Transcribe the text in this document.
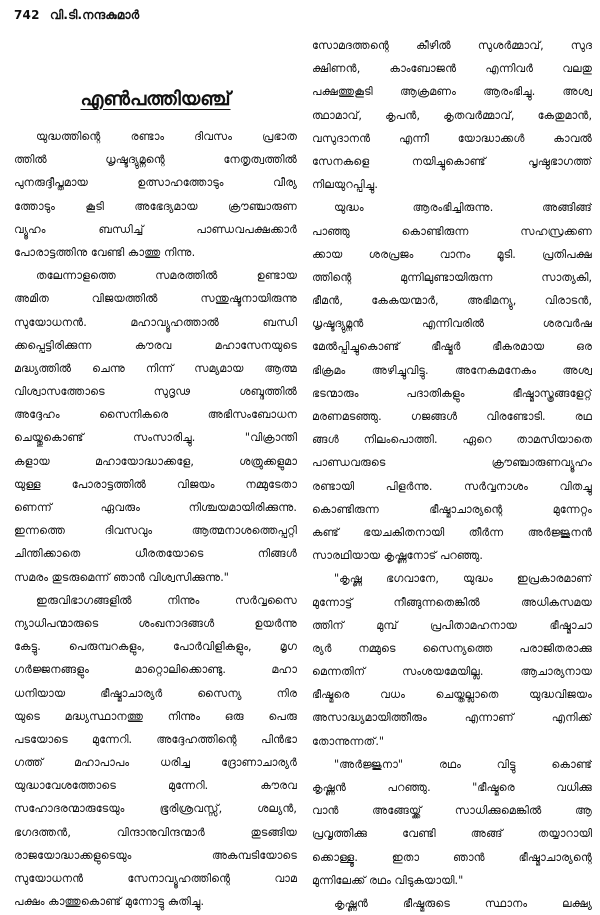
742 വി.ടി.നന്ദകുമാർ
എൺപത്തിയഞ്ച്
യുദ്ധത്തിന്റെ രണ്ടാം ദിവസം പ്രഭാത
ത്തിൽ ധൃഷ്ടദ്യുമ്നന്റെ നേതൃത്വത്തിൽ
പുനരുദ്ദീപ്തമായ ഉത്സാഹത്തോടും വീര്യ
ത്തോടും കൂടി അഭേദ്യമായ ക്രൗഞ്ചാരുണ
വ്യൂഹം ബന്ധിച്ച് പാണ്ഡവപക്ഷക്കാർ
പോരാട്ടത്തിനു വേണ്ടി കാത്തു നിന്നു.
തലേന്നാളത്തെ സമരത്തിൽ ഉണ്ടായ
അമിത വിജയത്തിൽ സന്തുഷ്ടനായിരുന്നു
സുയോധനൻ. മഹാവ്യൂഹത്താൽ ബന്ധി
ക്കപ്പെട്ടിരിക്കുന്ന കൗരവ മഹാസേനയുടെ
മദ്ധ്യത്തിൽ ചെന്നു നിന്ന് സമ്യമായ ആത്മ
വിശ്വാസത്തോടെ സുദൃഢ ശബ്ദത്തിൽ
അദ്ദേഹം സൈനികരെ അഭിസംബോധന
ചെയ്തുകൊണ്ട് സംസാരിച്ചു. "വിക്രാന്തി
കളായ മഹായോദ്ധാക്കളേ, ശത്രുക്കളുമാ
യുള്ള പോരാട്ടത്തിൽ വിജയം നമ്മുടേതാ
ണെന്ന് ഏവരും നിശ്ചയമായിരിക്കുന്നു.
ഇന്നത്തെ ദിവസവും ആത്മനാശത്തെപ്പറ്റി
ചിന്തിക്കാതെ ധീരതയോടെ നിങ്ങൾ
സമരം തുടരുമെന്ന് ഞാൻ വിശ്വസിക്കുന്നു."
ഇരുവിഭാഗങ്ങളിൽ നിന്നും സർവ്വസൈ
ന്യാധിപന്മാരുടെ ശംഖനാദങ്ങൾ ഉയർന്നു
കേട്ടു. പെരുമ്പറകളും, പോർവിളികളും, മൃഗ
ഗർജ്ജനങ്ങളും മാറ്റൊലിക്കൊണ്ടു. മഹാ
ധനിയായ ഭീഷ്മാചാര്യർ സൈന്യ നിര
യുടെ മദ്ധ്യസ്ഥാനത്തു നിന്നും ഒരു പെരു
പടയോടെ മുന്നേറി. അദ്ദേഹത്തിന്റെ പിൻഭാ
ഗത്ത് മഹാപാപം ധരിച്ച ദ്രോണാചാര്യർ
യുദ്ധാവേശത്തോടെ മുന്നേറി. കൗരവ
സഹോദരന്മാരുടേയും ഭൂരിശ്രവസ്സ്, ശല്യൻ,
ഭഗദത്തൻ, വിന്ദാനുവിന്ദന്മാർ തുടങ്ങിയ
രാജയോദ്ധാക്കളുടെയും അകമ്പടിയോടെ
സുയോധനൻ സേനാവ്യൂഹത്തിന്റെ വാമ
പക്ഷം കാത്തുകൊണ്ട് മുന്നോട്ടു കുതിച്ചു.
സോമദത്തന്റെ കീഴിൽ സുശർമ്മാവ്, സുദ
ക്ഷിണൻ, കാംബോജൻ എന്നിവർ വലതു
പക്ഷത്തുകൂടി ആക്രമണം ആരംഭിച്ചു. അശ്വ
ത്ഥാമാവ്, കൃപൻ, കൃതവർമ്മാവ്, കേതുമാൻ,
വസുദാനൻ എന്നീ യോദ്ധാക്കൾ കാവൽ
സേനകളെ നയിച്ചുകൊണ്ട് പൃഷ്ഠഭാഗത്ത്
നിലയുറപ്പിച്ചു.
യുദ്ധം ആരംഭിച്ചിരുന്നു. അങ്ങിങ്ങ്
പാഞ്ഞു കൊണ്ടിരുന്ന സഹസ്രക്കണ
ക്കായ ശരപ്രജം വാനം മൂടി. പ്രതിപക്ഷ
ത്തിന്റെ മുന്നിലുണ്ടായിരുന്ന സാത്യകി,
ഭീമൻ, കേകയന്മാർ, അഭിമന്യു, വിരാടൻ,
ധൃഷ്ടദ്യുമ്നൻ എന്നിവരിൽ ശരവർഷ
മേൽപ്പിച്ചുകൊണ്ട് ഭീഷ്മർ ഭീകരമായ ഒര
ഭിക്രമം അഴിച്ചുവിട്ടു. അനേകമനേകം അശ്വ
ഭടന്മാരും പദാതികളും ഭീഷ്മാസ്ത്രങ്ങളേറ്റ്
മരണമടഞ്ഞു. ഗജങ്ങൾ വിരണ്ടോടി. രഥ
ങ്ങൾ നിലംപൊത്തി. ഏറെ താമസിയാതെ
പാണ്ഡവരുടെ ക്രൗഞ്ചാരുണവ്യൂഹം
രണ്ടായി പിളർന്നു. സർവ്വനാശം വിതച്ചു
കൊണ്ടിരുന്ന ഭീഷ്മാചാര്യന്റെ മുന്നേറ്റം
കണ്ട് ഭയചകിതനായി തീർന്ന അർജ്ജുനൻ
സാരഥിയായ കൃഷ്ണനോട് പറഞ്ഞു.
"കൃഷ്ണ ഭഗവാനേ, യുദ്ധം ഇപ്രകാരമാണ്
മുന്നോട്ട് നീങ്ങുന്നതെങ്കിൽ അധികസമയ
ത്തിന് മുമ്പ് പ്രപിതാമഹനായ ഭീഷ്മാചാ
ര്യർ നമ്മുടെ സൈന്യത്തെ പരാജിതരാക്കു
മെന്നതിന് സംശയമേയില്ല. ആചാര്യനായ
ഭീഷ്മരെ വധം ചെയ്തല്ലാതെ യുദ്ധവിജയം
അസാദ്ധ്യമായിത്തീരും എന്നാണ് എനിക്ക്
തോന്നുന്നത്."
"അർജ്ജുനാ" രഥം വിട്ടു കൊണ്ട്
കൃഷ്ണൻ പറഞ്ഞു. "ഭീഷ്മരെ വധിക്കു
വാൻ അങ്ങേയ്ക്ക് സാധിക്കുമെങ്കിൽ ആ
പ്രവൃത്തിക്കു വേണ്ടി അങ്ങ് തയ്യാറായി
ക്കൊള്ളൂ. ഇതാ ഞാൻ ഭീഷ്മാചാര്യന്റെ
മുന്നിലേക്ക് രഥം വിടുകയായി."
കൃഷ്ണൻ ഭീഷ്മരുടെ സ്ഥാനം ലക്ഷ്യ
